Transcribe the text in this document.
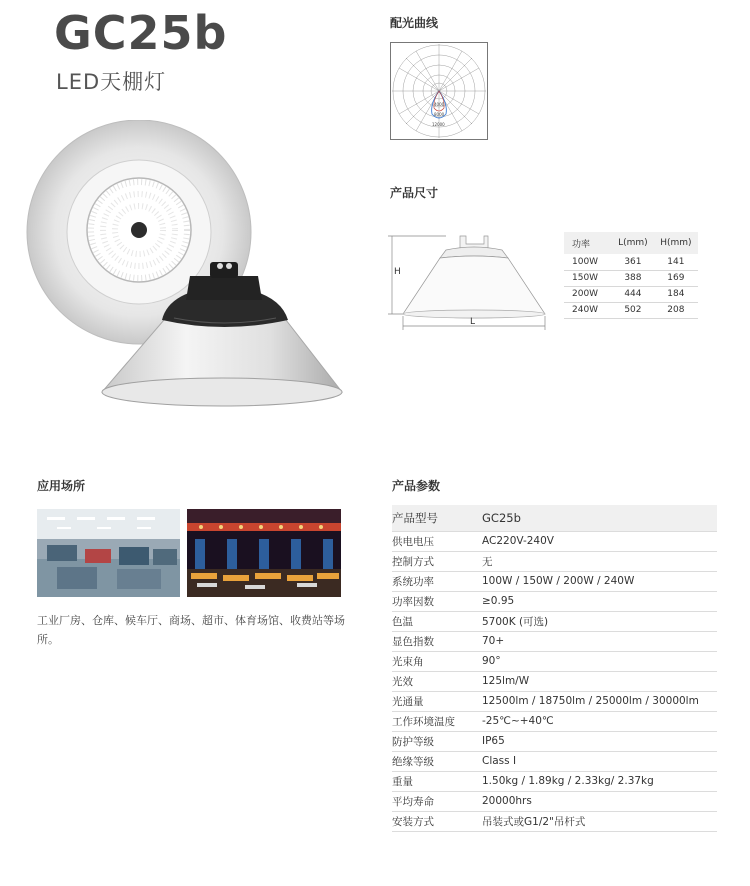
GC25b
LED天棚灯
配光曲线
4000
8000
12000
产品尺寸
H
L
功率	L(mm)	H(mm)
100W	361	141
150W	388	169
200W	444	184
240W	502	208
应用场所
工业厂房、仓库、候车厅、商场、超市、体育场馆、收费站等场所。
产品参数
产品型号	GC25b
供电电压	AC220V-240V
控制方式	无
系统功率	100W / 150W / 200W / 240W
功率因数	≥0.95
色温	5700K (可选)
显色指数	70+
光束角	90°
光效	125lm/W
光通量	12500lm / 18750lm / 25000lm / 30000lm
工作环境温度	-25℃~+40℃
防护等级	IP65
绝缘等级	Class I
重量	1.50kg / 1.89kg / 2.33kg/ 2.37kg
平均寿命	20000hrs
安装方式	吊装式或G1/2"吊杆式
